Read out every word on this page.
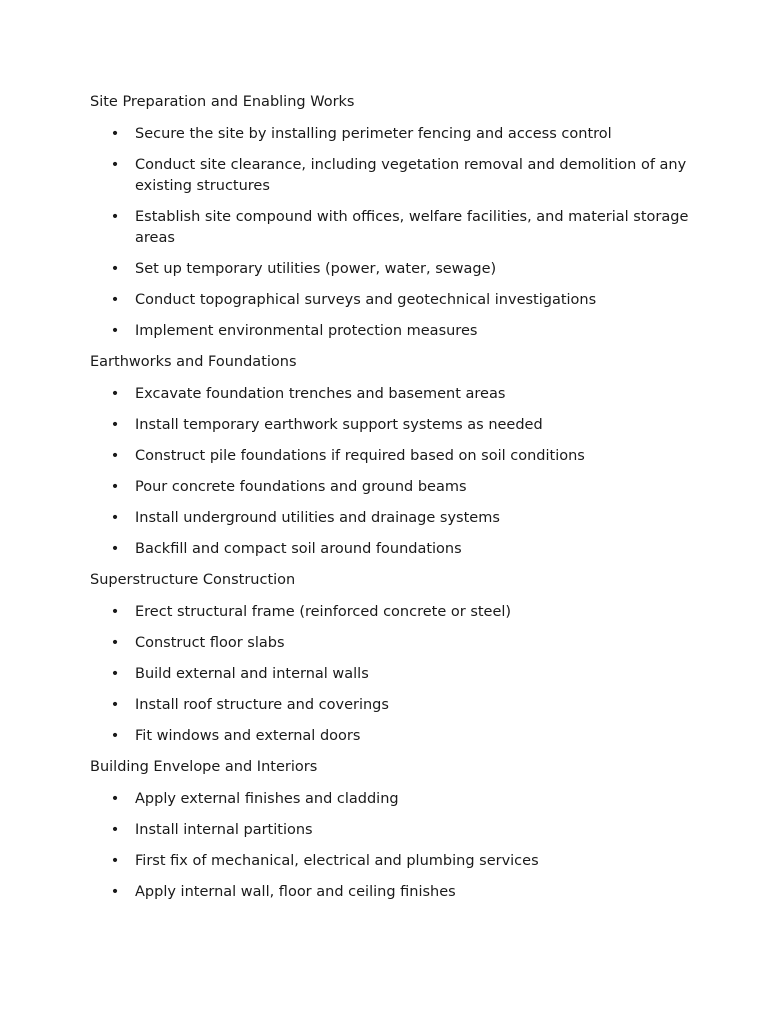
Site Preparation and Enabling Works

• Secure the site by installing perimeter fencing and access control
• Conduct site clearance, including vegetation removal and demolition of any existing structures
• Establish site compound with offices, welfare facilities, and material storage areas
• Set up temporary utilities (power, water, sewage)
• Conduct topographical surveys and geotechnical investigations
• Implement environmental protection measures

Earthworks and Foundations

• Excavate foundation trenches and basement areas
• Install temporary earthwork support systems as needed
• Construct pile foundations if required based on soil conditions
• Pour concrete foundations and ground beams
• Install underground utilities and drainage systems
• Backfill and compact soil around foundations

Superstructure Construction

• Erect structural frame (reinforced concrete or steel)
• Construct floor slabs
• Build external and internal walls
• Install roof structure and coverings
• Fit windows and external doors

Building Envelope and Interiors

• Apply external finishes and cladding
• Install internal partitions
• First fix of mechanical, electrical and plumbing services
• Apply internal wall, floor and ceiling finishes
